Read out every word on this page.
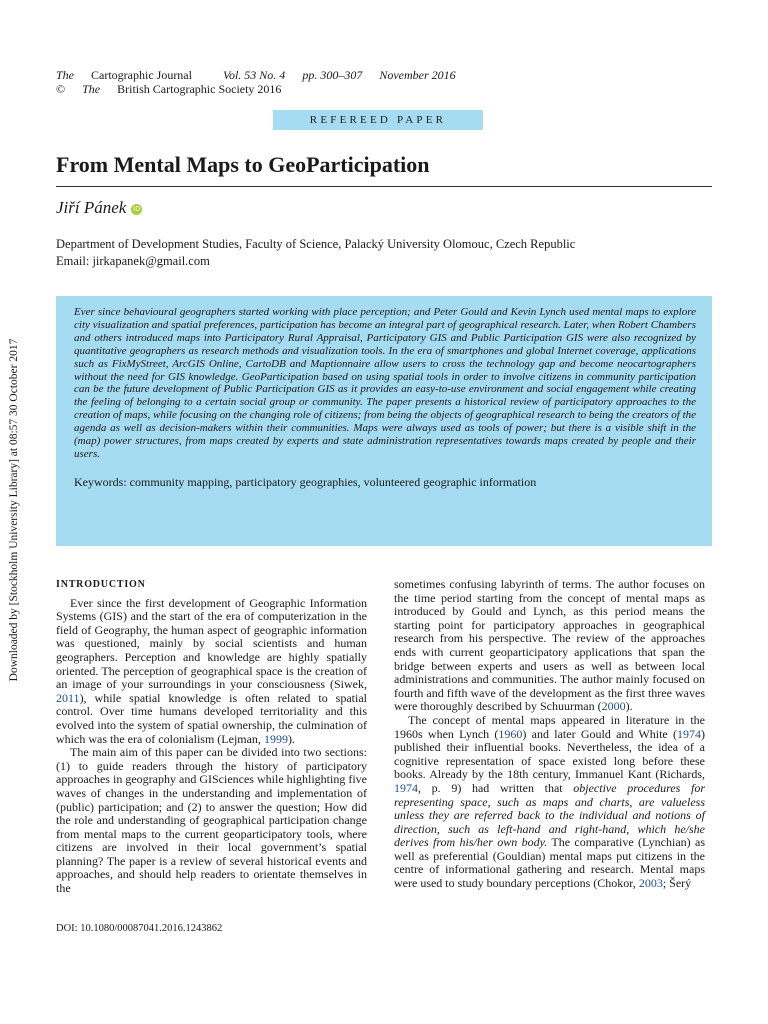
The Cartographic Journal	Vol. 53 No. 4 pp. 300–307 November 2016
© The British Cartographic Society 2016
REFEREED PAPER
From Mental Maps to GeoParticipation
Jiří Pánek iD
Department of Development Studies, Faculty of Science, Palacký University Olomouc, Czech Republic
Email: jirkapanek@gmail.com

Ever since behavioural geographers started working with place perception; and Peter Gould and Kevin Lynch used mental maps to explore city visualization and spatial preferences, participation has become an integral part of geographical research. Later, when Robert Chambers and others introduced maps into Participatory Rural Appraisal, Participatory GIS and Public Participation GIS were also recognized by quantitative geographers as research methods and visualization tools. In the era of smartphones and global Internet coverage, applications such as FixMyStreet, ArcGIS Online, CartoDB and Maptionnaire allow users to cross the technology gap and become neocartographers without the need for GIS knowledge. GeoParticipation based on using spatial tools in order to involve citizens in community participation can be the future development of Public Participation GIS as it provides an easy-to-use environment and social engagement while creating the feeling of belonging to a certain social group or community. The paper presents a historical review of participatory approaches to the creation of maps, while focusing on the changing role of citizens; from being the objects of geographical research to being the creators of the agenda as well as decision-makers within their communities. Maps were always used as tools of power; but there is a visible shift in the (map) power structures, from maps created by experts and state administration representatives towards maps created by people and their users.

Keywords: community mapping, participatory geographies, volunteered geographic information

Downloaded by [Stockholm University Library] at 08:57 30 October 2017	INTRODUCTION

Ever since the first development of Geographic Information Systems (GIS) and the start of the era of computerization in the field of Geography, the human aspect of geographic information was questioned, mainly by social scientists and human geographers. Perception and knowledge are highly spatially oriented. The perception of geographical space is the creation of an image of your surroundings in your consciousness (Siwek, 2011), while spatial knowledge is often related to spatial control. Over time humans developed territoriality and this evolved into the system of spatial ownership, the culmination of which was the era of colonialism (Lejman, 1999).

The main aim of this paper can be divided into two sections: (1) to guide readers through the history of participatory approaches in geography and GISciences while highlighting five waves of changes in the understanding and implementation of (public) participation; and (2) to answer the question; How did the role and understanding of geographical participation change from mental maps to the current geoparticipatory tools, where citizens are involved in their local government’s spatial planning? The paper is a review of several historical events and approaches, and should help readers to orientate themselves in the

sometimes confusing labyrinth of terms. The author focuses on the time period starting from the concept of mental maps as introduced by Gould and Lynch, as this period means the starting point for participatory approaches in geographical research from his perspective. The review of the approaches ends with current geoparticipatory applications that span the bridge between experts and users as well as between local administrations and communities. The author mainly focused on fourth and fifth wave of the development as the first three waves were thoroughly described by Schuurman (2000).

The concept of mental maps appeared in literature in the 1960s when Lynch (1960) and later Gould and White (1974) published their influential books. Nevertheless, the idea of a cognitive representation of space existed long before these books. Already by the 18th century, Immanuel Kant (Richards, 1974, p. 9) had written that objective procedures for representing space, such as maps and charts, are valueless unless they are referred back to the individual and notions of direction, such as left-hand and right-hand, which he/she derives from his/her own body. The comparative (Lynchian) as well as preferential (Gouldian) mental maps put citizens in the centre of informational gathering and research. Mental maps were used to study boundary perceptions (Chokor, 2003; Šerý

DOI: 10.1080/00087041.2016.1243862
